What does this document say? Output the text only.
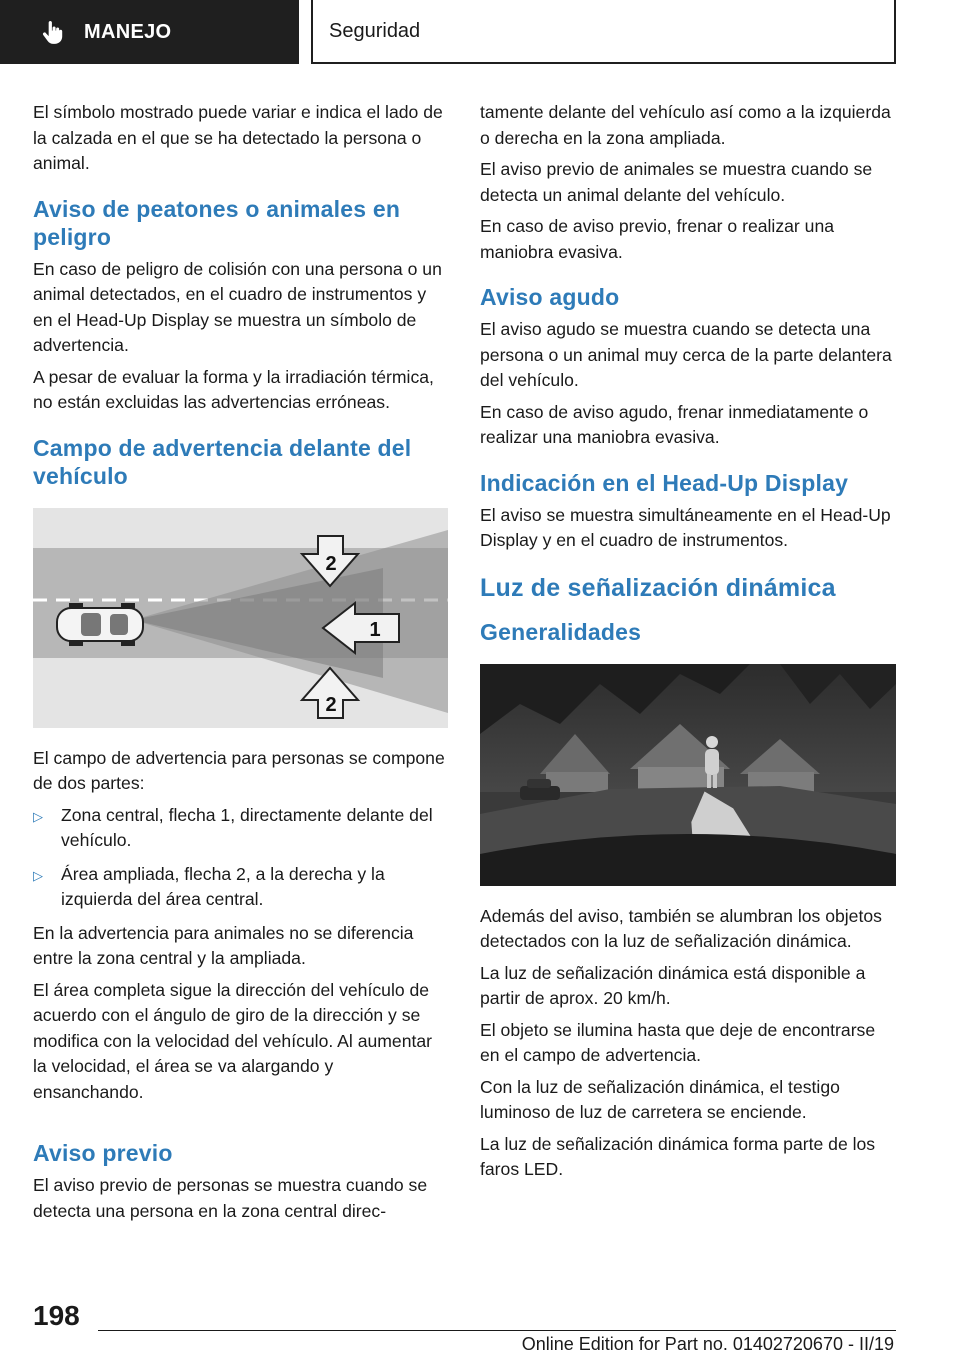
MANEJO	Seguridad

El símbolo mostrado puede variar e indica el lado de la calzada en el que se ha detectado la persona o animal.

Aviso de peatones o animales en peligro

En caso de peligro de colisión con una persona o un animal detectados, en el cuadro de instrumentos y en el Head-Up Display se muestra un símbolo de advertencia.

A pesar de evaluar la forma y la irradiación térmica, no están excluidas las advertencias erróneas.

Campo de advertencia delante del vehículo
2
1
2

El campo de advertencia para personas se compone de dos partes:

▷	Zona central, flecha 1, directamente delante del vehículo.
▷	Área ampliada, flecha 2, a la derecha y la izquierda del área central.

En la advertencia para animales no se diferencia entre la zona central y la ampliada.

El área completa sigue la dirección del vehículo de acuerdo con el ángulo de giro de la dirección y se modifica con la velocidad del vehículo. Al aumentar la velocidad, el área se va alargando y ensanchando.

Aviso previo

El aviso previo de personas se muestra cuando se detecta una persona en la zona central direc-

tamente delante del vehículo así como a la izquierda o derecha en la zona ampliada.

El aviso previo de animales se muestra cuando se detecta un animal delante del vehículo.

En caso de aviso previo, frenar o realizar una maniobra evasiva.

Aviso agudo

El aviso agudo se muestra cuando se detecta una persona o un animal muy cerca de la parte delantera del vehículo.

En caso de aviso agudo, frenar inmediatamente o realizar una maniobra evasiva.

Indicación en el Head-Up Display

El aviso se muestra simultáneamente en el Head-Up Display y en el cuadro de instrumentos.

Luz de señalización dinámica
Generalidades

Además del aviso, también se alumbran los objetos detectados con la luz de señalización dinámica.

La luz de señalización dinámica está disponible a partir de aprox. 20 km/h.

El objeto se ilumina hasta que deje de encontrarse en el campo de advertencia.

Con la luz de señalización dinámica, el testigo luminoso de luz de carretera se enciende.

La luz de señalización dinámica forma parte de los faros LED.

198
Online Edition for Part no. 01402720670 - II/19
